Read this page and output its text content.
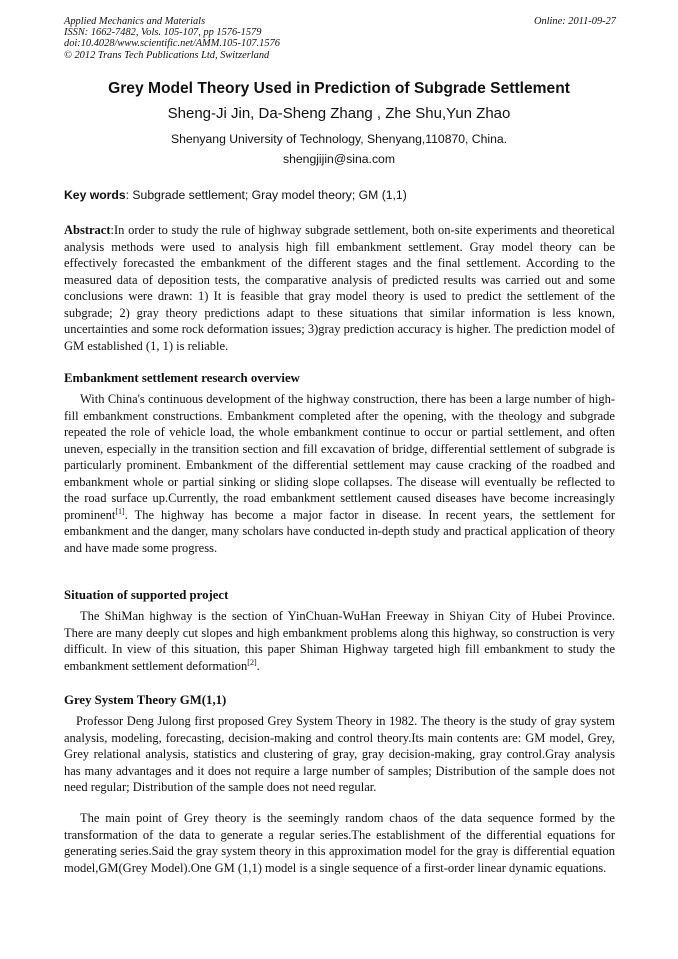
Applied Mechanics and Materials
ISSN: 1662-7482, Vols. 105-107, pp 1576-1579
doi:10.4028/www.scientific.net/AMM.105-107.1576
© 2012 Trans Tech Publications Ltd, Switzerland
Online: 2011-09-27
Grey Model Theory Used in Prediction of Subgrade Settlement
Sheng-Ji Jin, Da-Sheng Zhang , Zhe Shu,Yun Zhao
Shenyang University of Technology, Shenyang,110870, China.
shengjijin@sina.com
Key words: Subgrade settlement; Gray model theory; GM (1,1)

Abstract:In order to study the rule of highway subgrade settlement, both on-site experiments and theoretical analysis methods were used to analysis high fill embankment settlement. Gray model theory can be effectively forecasted the embankment of the different stages and the final settlement. According to the measured data of deposition tests, the comparative analysis of predicted results was carried out and some conclusions were drawn: 1) It is feasible that gray model theory is used to predict the settlement of the subgrade; 2) gray theory predictions adapt to these situations that similar information is less known, uncertainties and some rock deformation issues; 3)gray prediction accuracy is higher. The prediction model of GM established (1, 1) is reliable.

Embankment settlement research overview

With China's continuous development of the highway construction, there has been a large number of high-fill embankment constructions. Embankment completed after the opening, with the theology and subgrade repeated the role of vehicle load, the whole embankment continue to occur or partial settlement, and often uneven, especially in the transition section and fill excavation of bridge, differential settlement of subgrade is particularly prominent. Embankment of the differential settlement may cause cracking of the roadbed and embankment whole or partial sinking or sliding slope collapses. The disease will eventually be reflected to the road surface up.Currently, the road embankment settlement caused diseases have become increasingly prominent[1]. The highway has become a major factor in disease. In recent years, the settlement for embankment and the danger, many scholars have conducted in-depth study and practical application of theory and have made some progress.

Situation of supported project

The ShiMan highway is the section of YinChuan-WuHan Freeway in Shiyan City of Hubei Province. There are many deeply cut slopes and high embankment problems along this highway, so construction is very difficult. In view of this situation, this paper Shiman Highway targeted high fill embankment to study the embankment settlement deformation[2].

Grey System Theory GM(1,1)

Professor Deng Julong first proposed Grey System Theory in 1982. The theory is the study of gray system analysis, modeling, forecasting, decision-making and control theory.Its main contents are: GM model, Grey, Grey relational analysis, statistics and clustering of gray, gray decision-making, gray control.Gray analysis has many advantages and it does not require a large number of samples; Distribution of the sample does not need regular; Distribution of the sample does not need regular.

The main point of Grey theory is the seemingly random chaos of the data sequence formed by the transformation of the data to generate a regular series.The establishment of the differential equations for generating series.Said the gray system theory in this approximation model for the gray is differential equation model,GM(Grey Model).One GM (1,1) model is a single sequence of a first-order linear dynamic equations.
